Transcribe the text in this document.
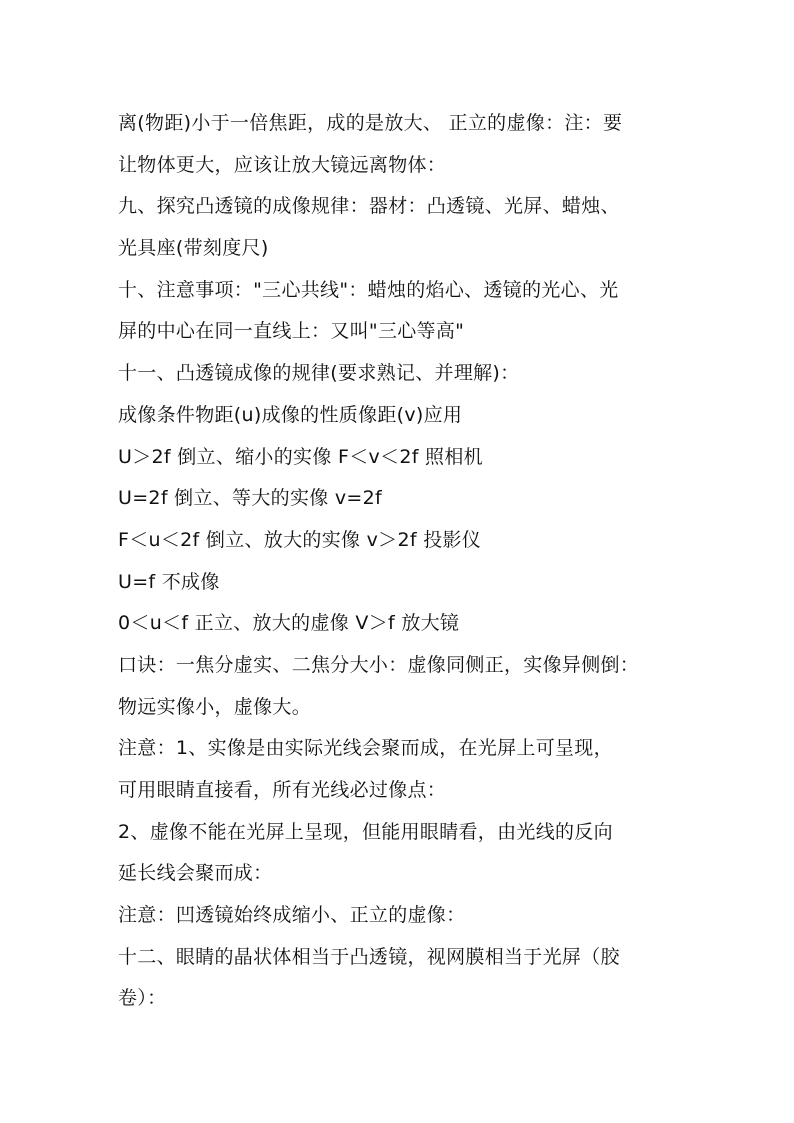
离(物距)小于一倍焦距，成的是放大、 正立的虚像：注：要
让物体更大，应该让放大镜远离物体：
九、探究凸透镜的成像规律：器材：凸透镜、光屏、蜡烛、
光具座(带刻度尺)
十、注意事项："三心共线"：蜡烛的焰心、透镜的光心、光
屏的中心在同一直线上：又叫"三心等高"
十一、凸透镜成像的规律(要求熟记、并理解)：
成像条件物距(u)成像的性质像距(v)应用
U＞2f 倒立、缩小的实像 F＜v＜2f 照相机
U=2f 倒立、等大的实像 v=2f
F＜u＜2f 倒立、放大的实像 v＞2f 投影仪
U=f 不成像
0＜u＜f 正立、放大的虚像 V＞f 放大镜
口诀：一焦分虚实、二焦分大小：虚像同侧正，实像异侧倒：
物远实像小，虚像大。
注意：1、实像是由实际光线会聚而成，在光屏上可呈现，
可用眼睛直接看，所有光线必过像点：
2、虚像不能在光屏上呈现，但能用眼睛看，由光线的反向
延长线会聚而成：
注意：凹透镜始终成缩小、正立的虚像：
十二、眼睛的晶状体相当于凸透镜，视网膜相当于光屏（胶
卷）：
